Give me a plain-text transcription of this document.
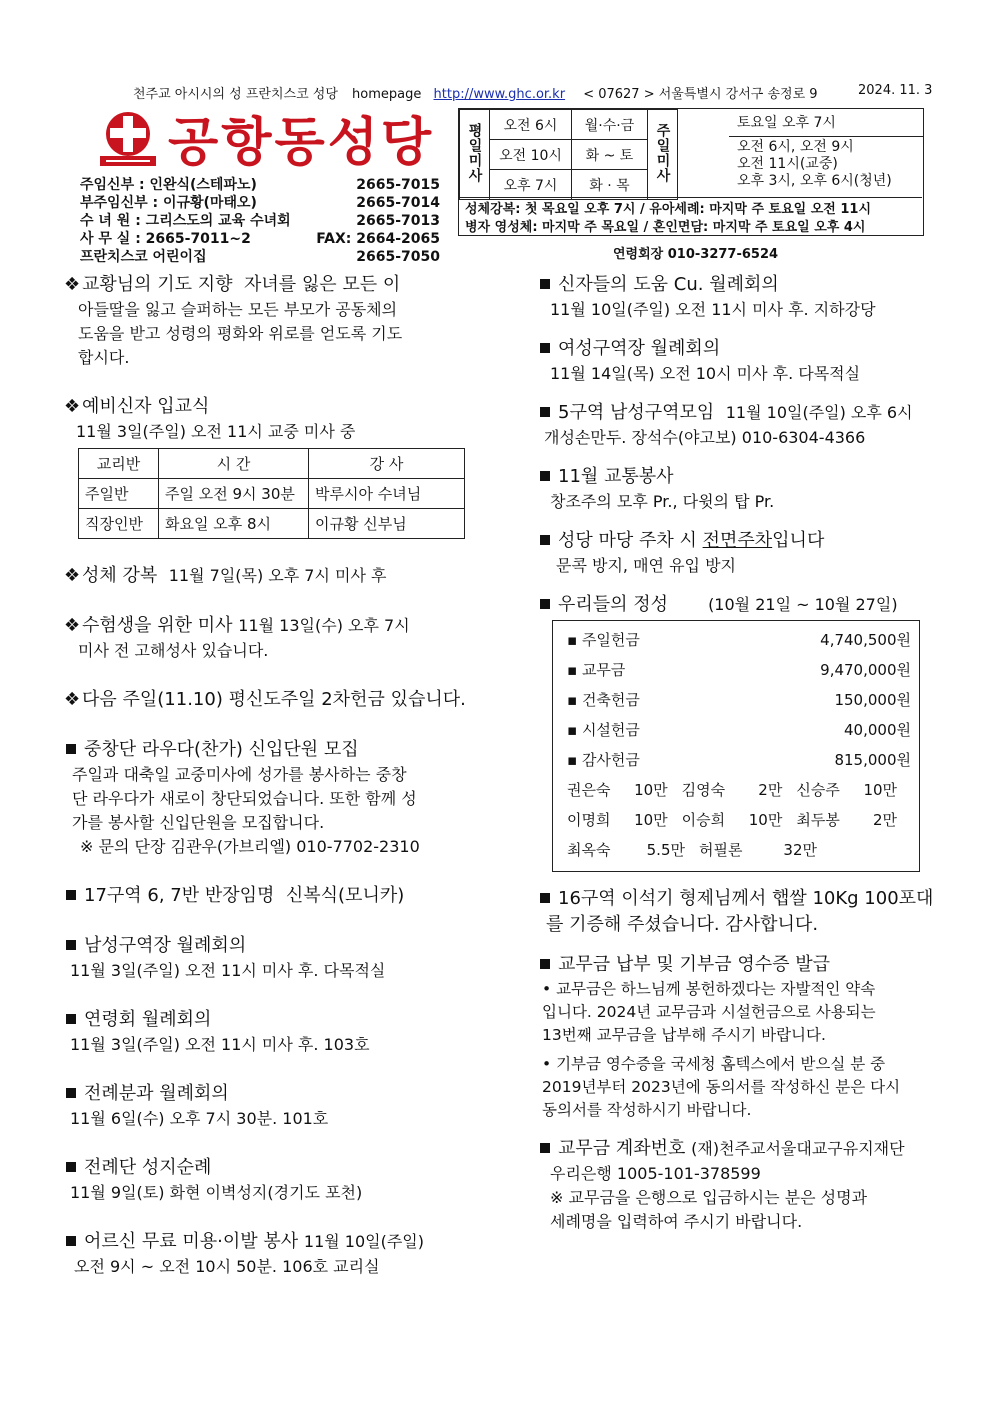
천주교 아시시의 성 프란치스코 성당 homepage http://www.ghc.or.kr < 07627 > 서울특별시 강서구 송정로 9	2024. 11. 3
공항동성당
주임신부 : 인완식(스테파노)	2665-7015
부주임신부 : 이규황(마태오)	2665-7014
수 녀 원 : 그리스도의 교육 수녀회	2665-7013
사 무 실 : 2665-7011~2	FAX: 2664-2065
프란치스코 어린이집	2665-7050
평일미사	오전 6시	월·수·금	주일미사
	오전 10시	화 ~ 토	
	오후 7시	화 · 목	
토요일 오후 7시
오전 6시, 오전 9시
오전 11시(교중)
오후 3시, 오후 6시(청년)
성체강복: 첫 목요일 오후 7시 / 유아세례: 마지막 주 토요일 오전 11시
병자 영성체: 마지막 주 목요일 / 혼인면담: 마지막 주 토요일 오후 4시
연령회장 010-3277-6524
❖ 교황님의 기도 지향 자녀를 잃은 모든 이
아들딸을 잃고 슬퍼하는 모든 부모가 공동체의
도움을 받고 성령의 평화와 위로를 얻도록 기도
합시다.
❖ 예비신자 입교식
11월 3일(주일) 오전 11시 교중 미사 중
교리반	시 간	강 사
주일반	주일 오전 9시 30분	박루시아 수녀님
직장인반	화요일 오후 8시	이규황 신부님
❖ 성체 강복 11월 7일(목) 오후 7시 미사 후
❖ 수험생을 위한 미사 11월 13일(수) 오후 7시
미사 전 고해성사 있습니다.
❖ 다음 주일(11.10) 평신도주일 2차헌금 있습니다.
중창단 라우다(찬가) 신입단원 모집
주일과 대축일 교중미사에 성가를 봉사하는 중창
단 라우다가 새로이 창단되었습니다. 또한 함께 성
가를 봉사할 신입단원을 모집합니다.
※ 문의 단장 김관우(가브리엘) 010-7702-2310
17구역 6, 7반 반장임명 신복식(모니카)
남성구역장 월례회의
11월 3일(주일) 오전 11시 미사 후. 다목적실
연령회 월례회의
11월 3일(주일) 오전 11시 미사 후. 103호
전례분과 월례회의
11월 6일(수) 오후 7시 30분. 101호
전례단 성지순례
11월 9일(토) 화현 이벽성지(경기도 포천)
어르신 무료 미용·이발 봉사 11월 10일(주일)
오전 9시 ~ 오전 10시 50분. 106호 교리실
신자들의 도움 Cu. 월례회의
11월 10일(주일) 오전 11시 미사 후. 지하강당
여성구역장 월례회의
11월 14일(목) 오전 10시 미사 후. 다목적실
5구역 남성구역모임 11월 10일(주일) 오후 6시
개성손만두. 장석수(야고보) 010-6304-4366
11월 교통봉사
창조주의 모후 Pr., 다윗의 탑 Pr.
성당 마당 주차 시 전면주차입니다
문콕 방지, 매연 유입 방지
우리들의 정성	(10월 21일 ~ 10월 27일)
▪ 주일헌금	4,740,500원
▪ 교무금	9,470,000원
▪ 건축헌금	150,000원
▪ 시설헌금	40,000원
▪ 감사헌금	815,000원
권은숙	10만 김영숙	2만 신승주	10만
이명희	10만 이승희	10만 최두봉	2만
최옥숙	5.5만 허필론	32만
16구역 이석기 형제님께서 햅쌀 10Kg 100포대
를 기증해 주셨습니다. 감사합니다.
교무금 납부 및 기부금 영수증 발급
• 교무금은 하느님께 봉헌하겠다는 자발적인 약속
입니다. 2024년 교무금과 시설헌금으로 사용되는
13번째 교무금을 납부해 주시기 바랍니다.
• 기부금 영수증을 국세청 홈텍스에서 받으실 분 중
2019년부터 2023년에 동의서를 작성하신 분은 다시
동의서를 작성하시기 바랍니다.
교무금 계좌번호 (재)천주교서울대교구유지재단
우리은행 1005-101-378599
※ 교무금을 은행으로 입금하시는 분은 성명과
세례명을 입력하여 주시기 바랍니다.
